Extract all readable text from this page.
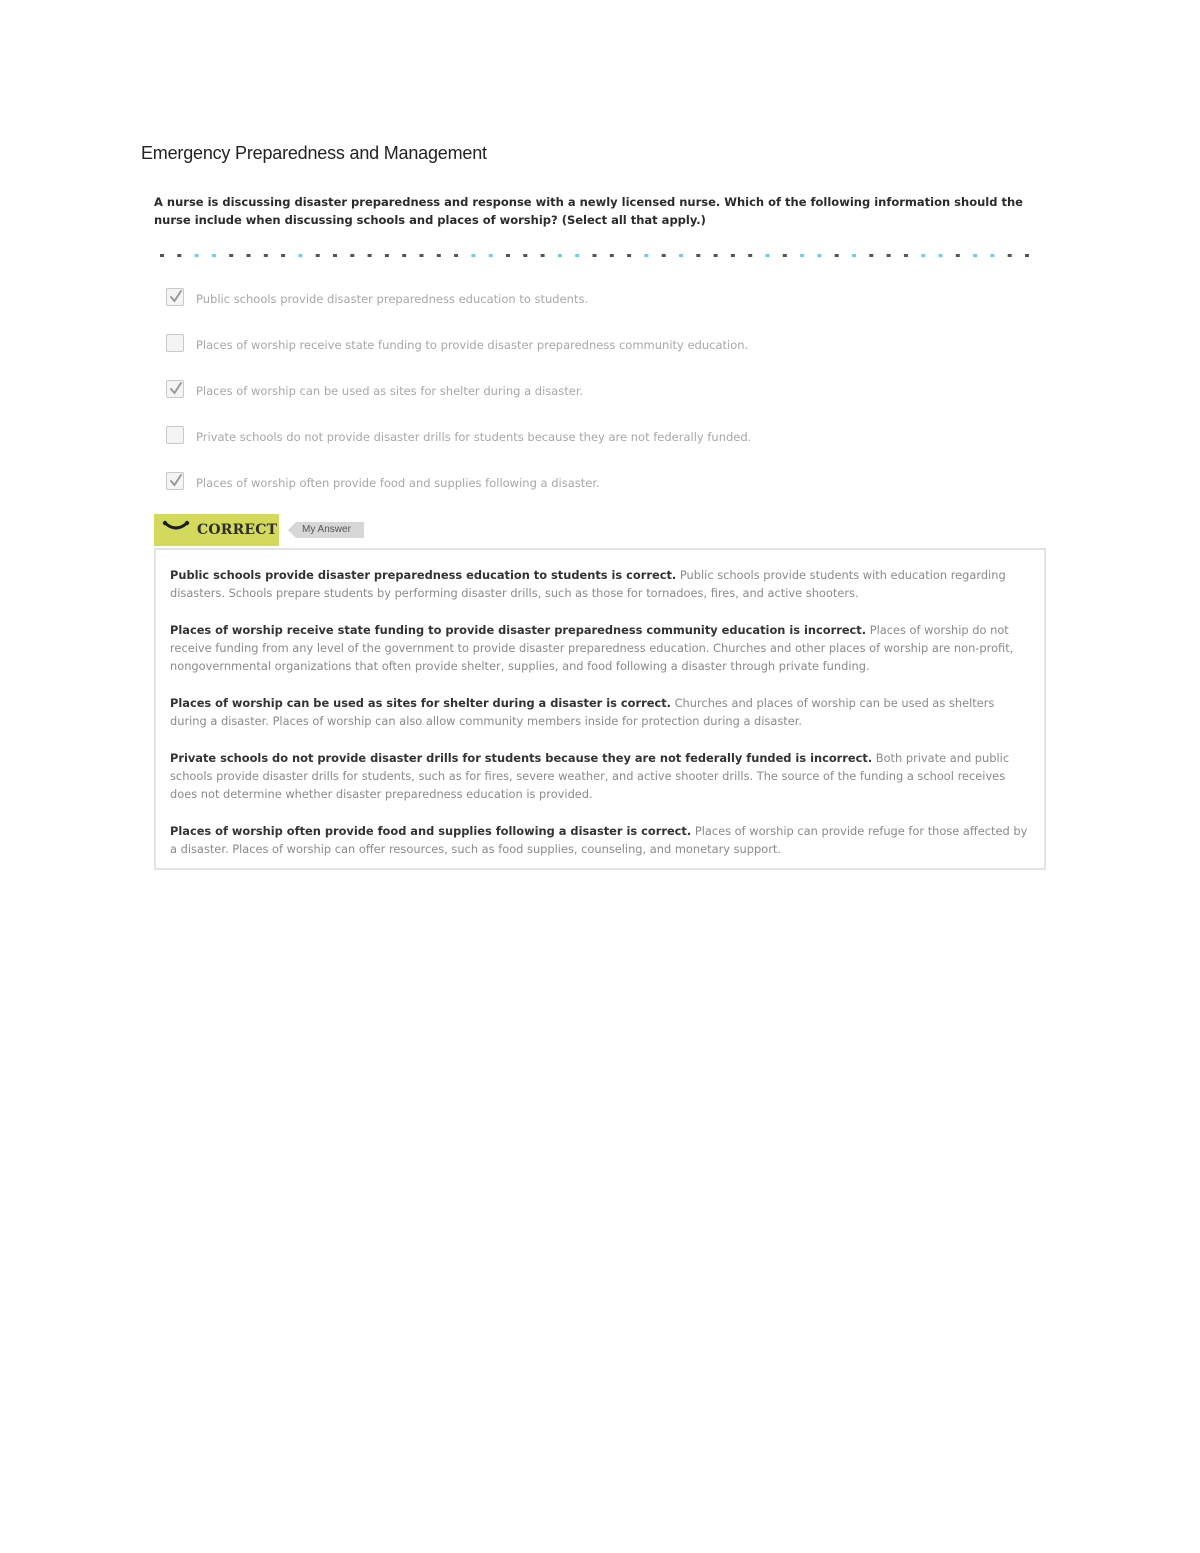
Emergency Preparedness and Management
A nurse is discussing disaster preparedness and response with a newly licensed nurse. Which of the following information should the nurse include when discussing schools and places of worship? (Select all that apply.)
Public schools provide disaster preparedness education to students.
Places of worship receive state funding to provide disaster preparedness community education.
Places of worship can be used as sites for shelter during a disaster.
Private schools do not provide disaster drills for students because they are not federally funded.
Places of worship often provide food and supplies following a disaster.
CORRECT My Answer

Public schools provide disaster preparedness education to students is correct. Public schools provide students with education regarding disasters. Schools prepare students by performing disaster drills, such as those for tornadoes, fires, and active shooters.

Places of worship receive state funding to provide disaster preparedness community education is incorrect. Places of worship do not receive funding from any level of the government to provide disaster preparedness education. Churches and other places of worship are non-profit, nongovernmental organizations that often provide shelter, supplies, and food following a disaster through private funding.

Places of worship can be used as sites for shelter during a disaster is correct. Churches and places of worship can be used as shelters during a disaster. Places of worship can also allow community members inside for protection during a disaster.

Private schools do not provide disaster drills for students because they are not federally funded is incorrect. Both private and public schools provide disaster drills for students, such as for fires, severe weather, and active shooter drills. The source of the funding a school receives does not determine whether disaster preparedness education is provided.

Places of worship often provide food and supplies following a disaster is correct. Places of worship can provide refuge for those affected by a disaster. Places of worship can offer resources, such as food supplies, counseling, and monetary support.
